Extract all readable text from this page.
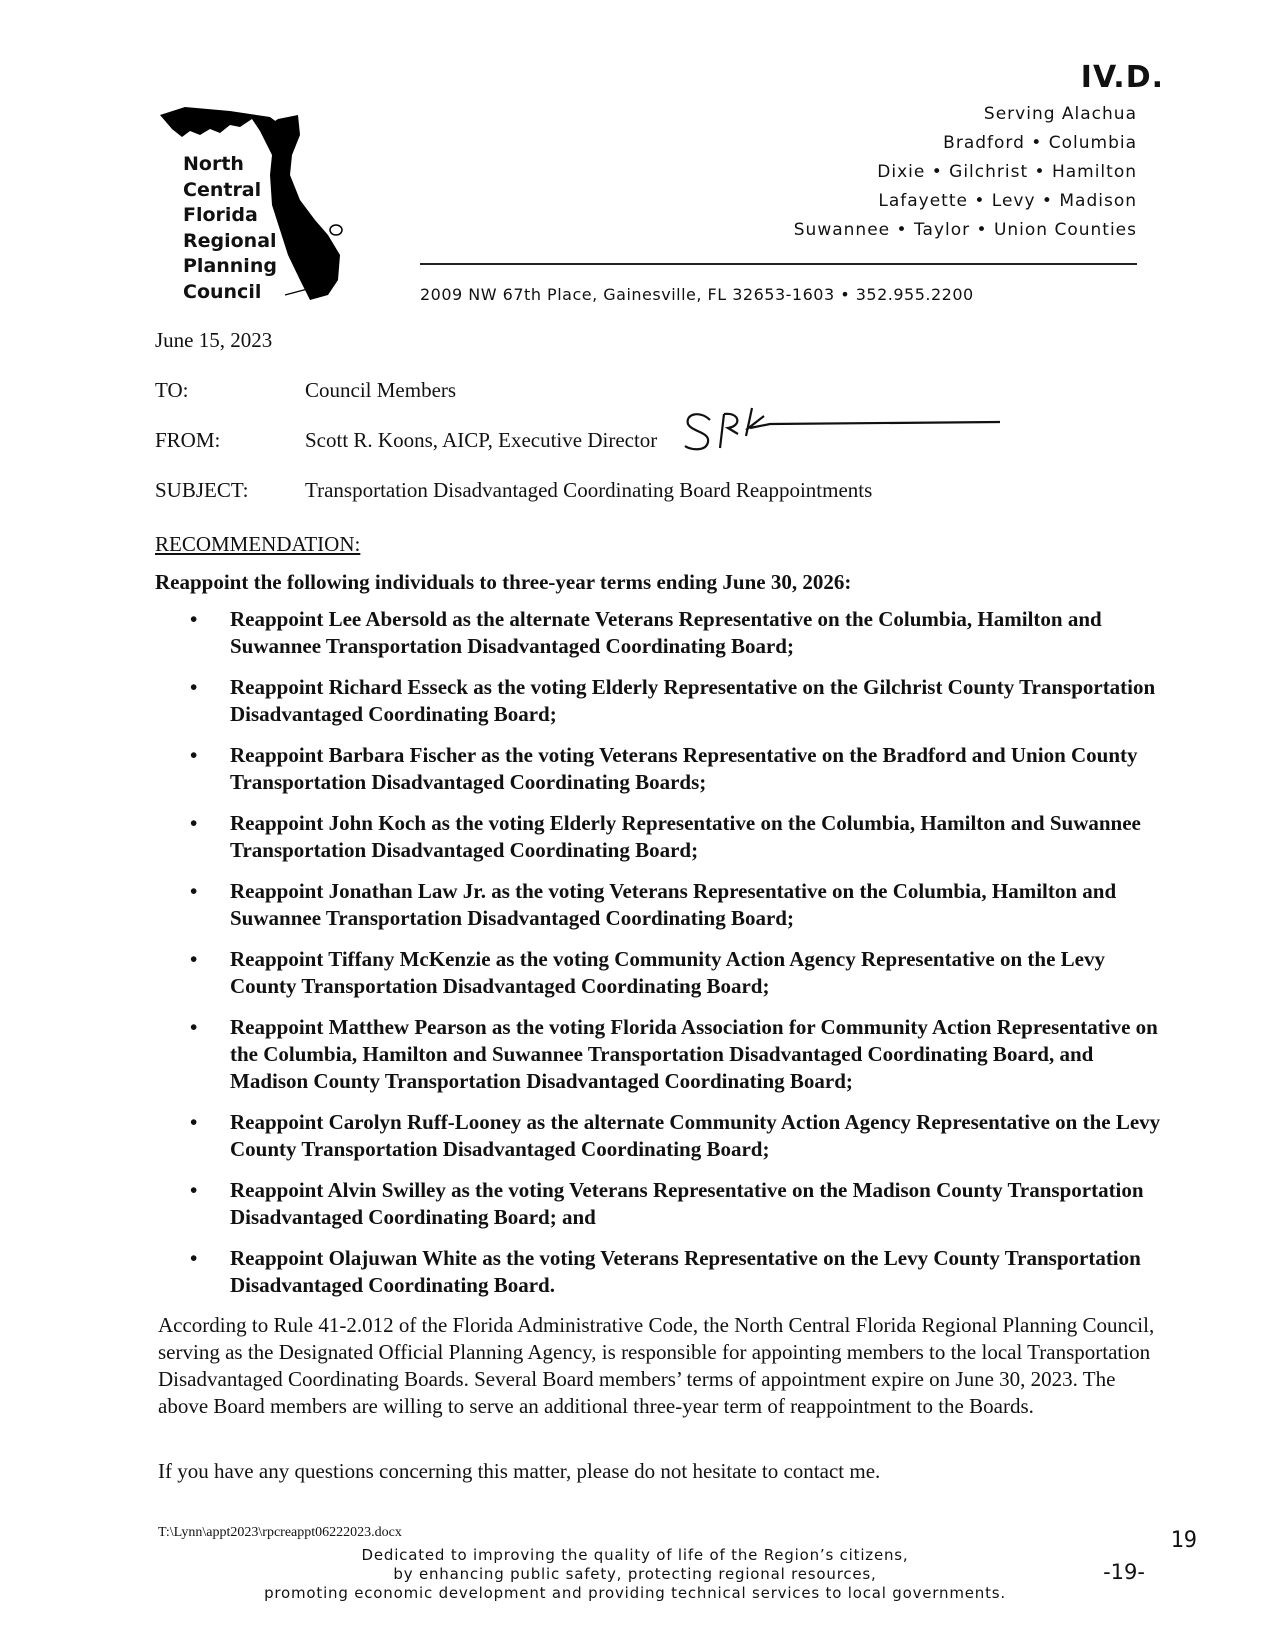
IV.D.
North
Central
Florida
Regional
Planning
Council
Serving Alachua
Bradford • Columbia
Dixie • Gilchrist • Hamilton
Lafayette • Levy • Madison
Suwannee • Taylor • Union Counties
2009 NW 67th Place, Gainesville, FL 32653-1603 • 352.955.2200
June 15, 2023
TO:	Council Members
FROM:	Scott R. Koons, AICP, Executive Director
SUBJECT:	Transportation Disadvantaged Coordinating Board Reappointments
RECOMMENDATION:
Reappoint the following individuals to three-year terms ending June 30, 2026:
• Reappoint Lee Abersold as the alternate Veterans Representative on the Columbia, Hamilton and Suwannee Transportation Disadvantaged Coordinating Board;
• Reappoint Richard Esseck as the voting Elderly Representative on the Gilchrist County Transportation Disadvantaged Coordinating Board;
• Reappoint Barbara Fischer as the voting Veterans Representative on the Bradford and Union County Transportation Disadvantaged Coordinating Boards;
• Reappoint John Koch as the voting Elderly Representative on the Columbia, Hamilton and Suwannee Transportation Disadvantaged Coordinating Board;
• Reappoint Jonathan Law Jr. as the voting Veterans Representative on the Columbia, Hamilton and Suwannee Transportation Disadvantaged Coordinating Board;
• Reappoint Tiffany McKenzie as the voting Community Action Agency Representative on the Levy County Transportation Disadvantaged Coordinating Board;
• Reappoint Matthew Pearson as the voting Florida Association for Community Action Representative on the Columbia, Hamilton and Suwannee Transportation Disadvantaged Coordinating Board, and Madison County Transportation Disadvantaged Coordinating Board;
• Reappoint Carolyn Ruff-Looney as the alternate Community Action Agency Representative on the Levy County Transportation Disadvantaged Coordinating Board;
• Reappoint Alvin Swilley as the voting Veterans Representative on the Madison County Transportation Disadvantaged Coordinating Board; and
• Reappoint Olajuwan White as the voting Veterans Representative on the Levy County Transportation Disadvantaged Coordinating Board.
According to Rule 41-2.012 of the Florida Administrative Code, the North Central Florida Regional Planning Council, serving as the Designated Official Planning Agency, is responsible for appointing members to the local Transportation Disadvantaged Coordinating Boards. Several Board members’ terms of appointment expire on June 30, 2023. The above Board members are willing to serve an additional three-year term of reappointment to the Boards.
If you have any questions concerning this matter, please do not hesitate to contact me.
T:\Lynn\appt2023\rpcreappt06222023.docx	19
Dedicated to improving the quality of life of the Region’s citizens,
by enhancing public safety, protecting regional resources,
promoting economic development and providing technical services to local governments.
-19-
